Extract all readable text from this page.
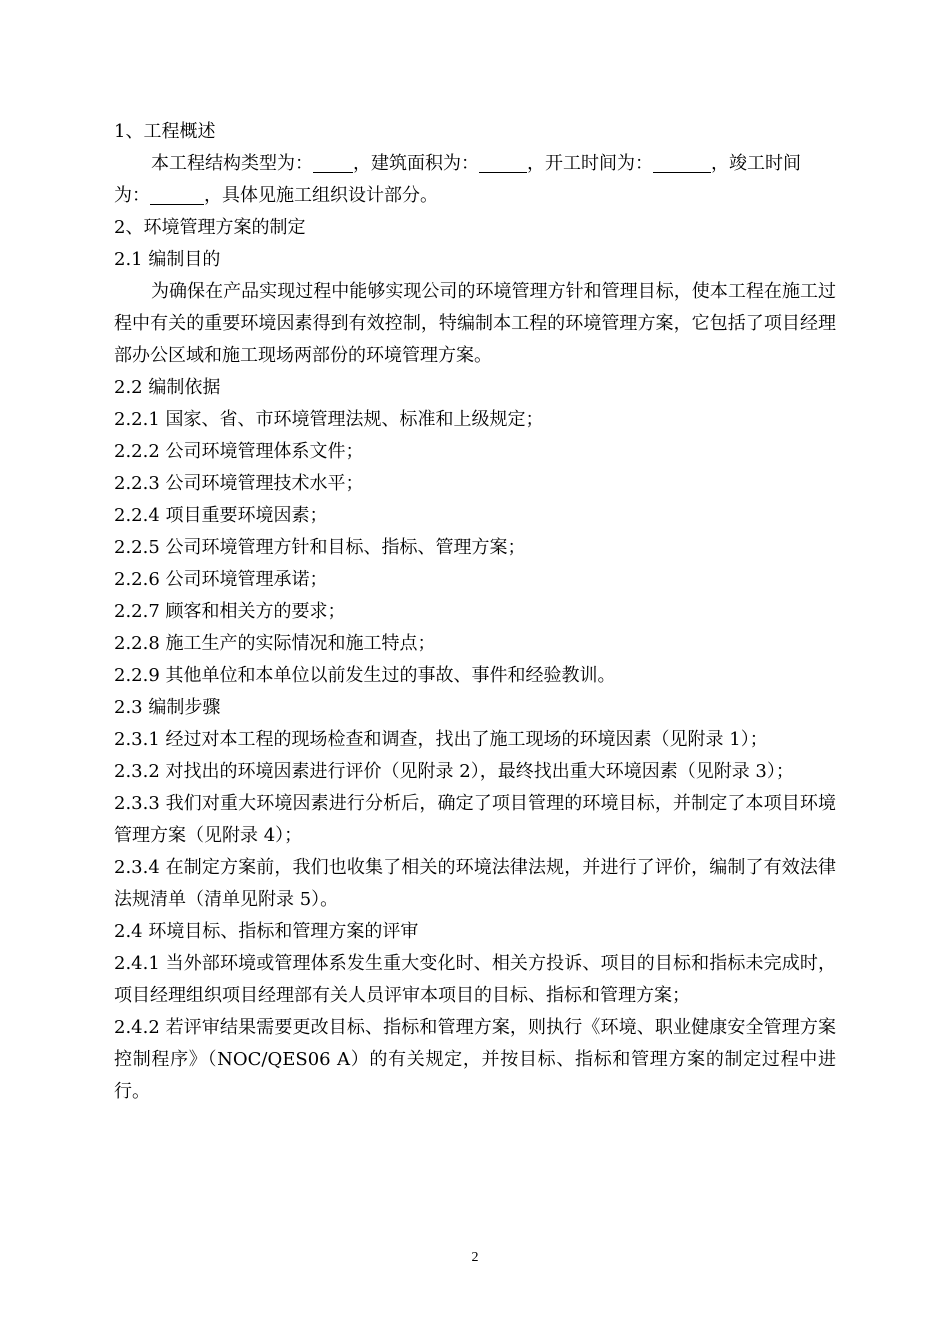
1、工程概述
本工程结构类型为： ，建筑面积为：	，开工时间为：	，竣工时间
为：	，具体见施工组织设计部分。
2、环境管理方案的制定
2.1 编制目的
为确保在产品实现过程中能够实现公司的环境管理方针和管理目标，使本工程在施工过程中有关的重要环境因素得到有效控制，特编制本工程的环境管理方案，它包括了项目经理部办公区域和施工现场两部份的环境管理方案。
2.2 编制依据
2.2.1 国家、省、市环境管理法规、标准和上级规定；
2.2.2 公司环境管理体系文件；
2.2.3 公司环境管理技术水平；
2.2.4 项目重要环境因素；
2.2.5 公司环境管理方针和目标、指标、管理方案；
2.2.6 公司环境管理承诺；
2.2.7 顾客和相关方的要求；
2.2.8 施工生产的实际情况和施工特点；
2.2.9 其他单位和本单位以前发生过的事故、事件和经验教训。
2.3 编制步骤
2.3.1 经过对本工程的现场检查和调查，找出了施工现场的环境因素（见附录 1）；
2.3.2 对找出的环境因素进行评价（见附录 2），最终找出重大环境因素（见附录 3）；
2.3.3 我们对重大环境因素进行分析后，确定了项目管理的环境目标，并制定了本项目环境管理方案（见附录 4）；
2.3.4 在制定方案前，我们也收集了相关的环境法律法规，并进行了评价，编制了有效法律法规清单（清单见附录 5）。
2.4 环境目标、指标和管理方案的评审
2.4.1 当外部环境或管理体系发生重大变化时、相关方投诉、项目的目标和指标未完成时，项目经理组织项目经理部有关人员评审本项目的目标、指标和管理方案；
2.4.2 若评审结果需要更改目标、指标和管理方案，则执行《环境、职业健康安全管理方案控制程序》（NOC/QES06 A）的有关规定，并按目标、指标和管理方案的制定过程中进行。
2
